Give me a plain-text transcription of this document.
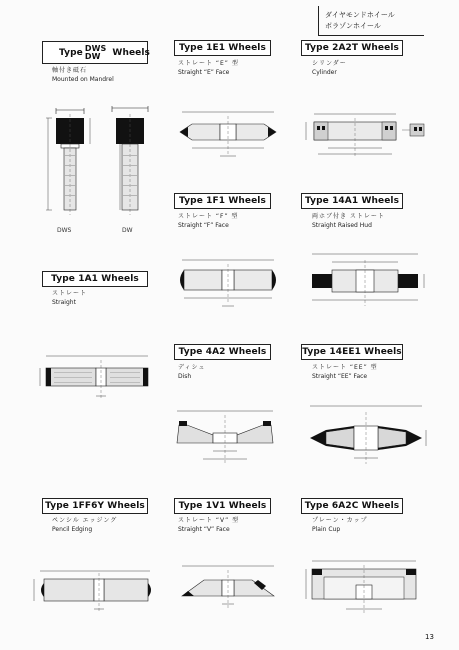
ダイヤモンドホイール
ボラゾンホイール
Type DWS
DW	Wheels
軸付き砥石
Mounted on Mandrel
DWS	DW
Type 1E1 Wheels
ストレート “E” 型
Straight “E” Face
Type 2A2T Wheels
シリンダー
Cylinder
Type 1F1 Wheels
ストレート “F” 型
Straight “F” Face
Type 14A1 Wheels
両ホブ付き ストレート
Straight Raised Hud
Type 1A1 Wheels
ストレート
Straight
Type 4A2 Wheels
ディシュ
Dish
Type 14EE1 Wheels
ストレート “EE” 型
Straight “EE” Face
Type 1FF6Y Wheels
ペンシル エッジング
Pencil Edging
Type 1V1 Wheels
ストレート “V” 型
Straight “V” Face
Type 6A2C Wheels
プレーン・カップ
Plain Cup
13
